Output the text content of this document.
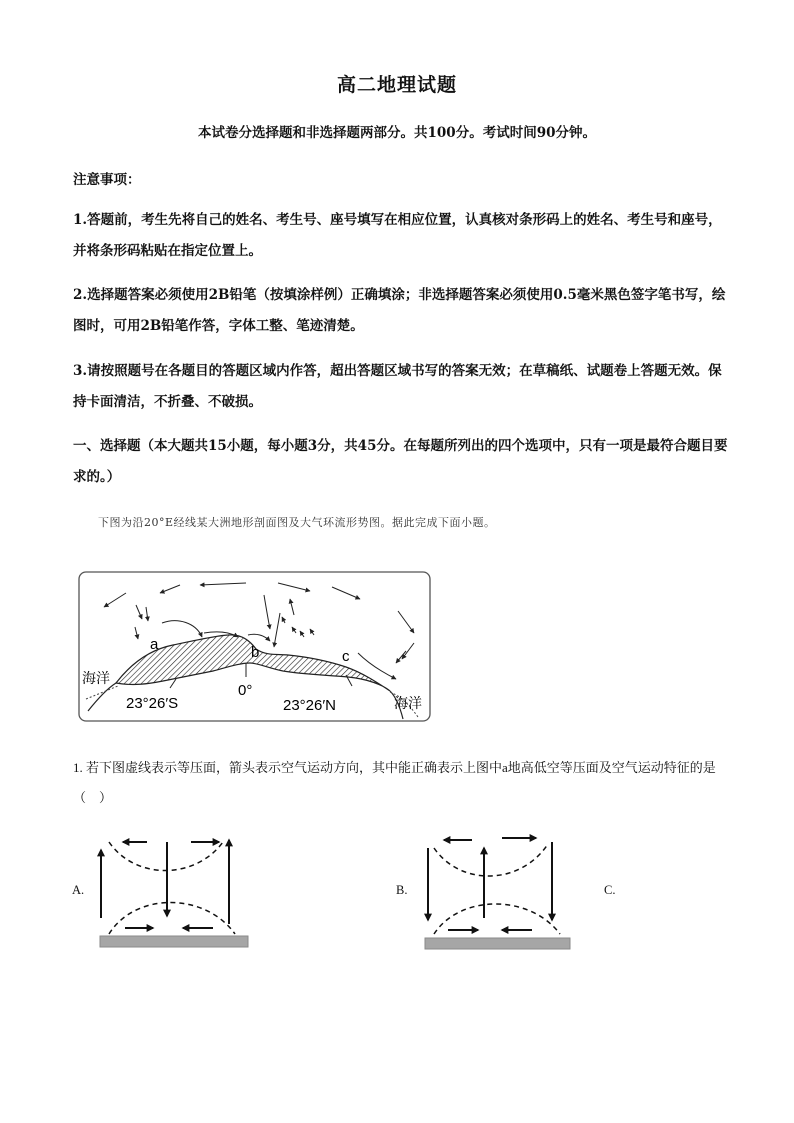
高二地理试题
本试卷分选择题和非选择题两部分。共100分。考试时间90分钟。
注意事项：
1.答题前，考生先将自己的姓名、考生号、座号填写在相应位置，认真核对条形码上的姓名、考生号和座号，并将条形码粘贴在指定位置上。
2.选择题答案必须使用2B铅笔（按填涂样例）正确填涂；非选择题答案必须使用0.5毫米黑色签字笔书写，绘图时，可用2B铅笔作答，字体工整、笔迹清楚。
3.请按照题号在各题目的答题区域内作答，超出答题区域书写的答案无效；在草稿纸、试题卷上答题无效。保持卡面清洁，不折叠、不破损。
一、选择题（本大题共15小题，每小题3分，共45分。在每题所列出的四个选项中，只有一项是最符合题目要求的。）
下图为沿20°E经线某大洲地形剖面图及大气环流形势图。据此完成下面小题。
a	b	c
海洋
海洋
23°26′S
0°
23°26′N
1. 若下图虚线表示等压面，箭头表示空气运动方向，其中能正确表示上图中a地高低空等压面及空气运动特征的是（　）
A.	B.	C.
